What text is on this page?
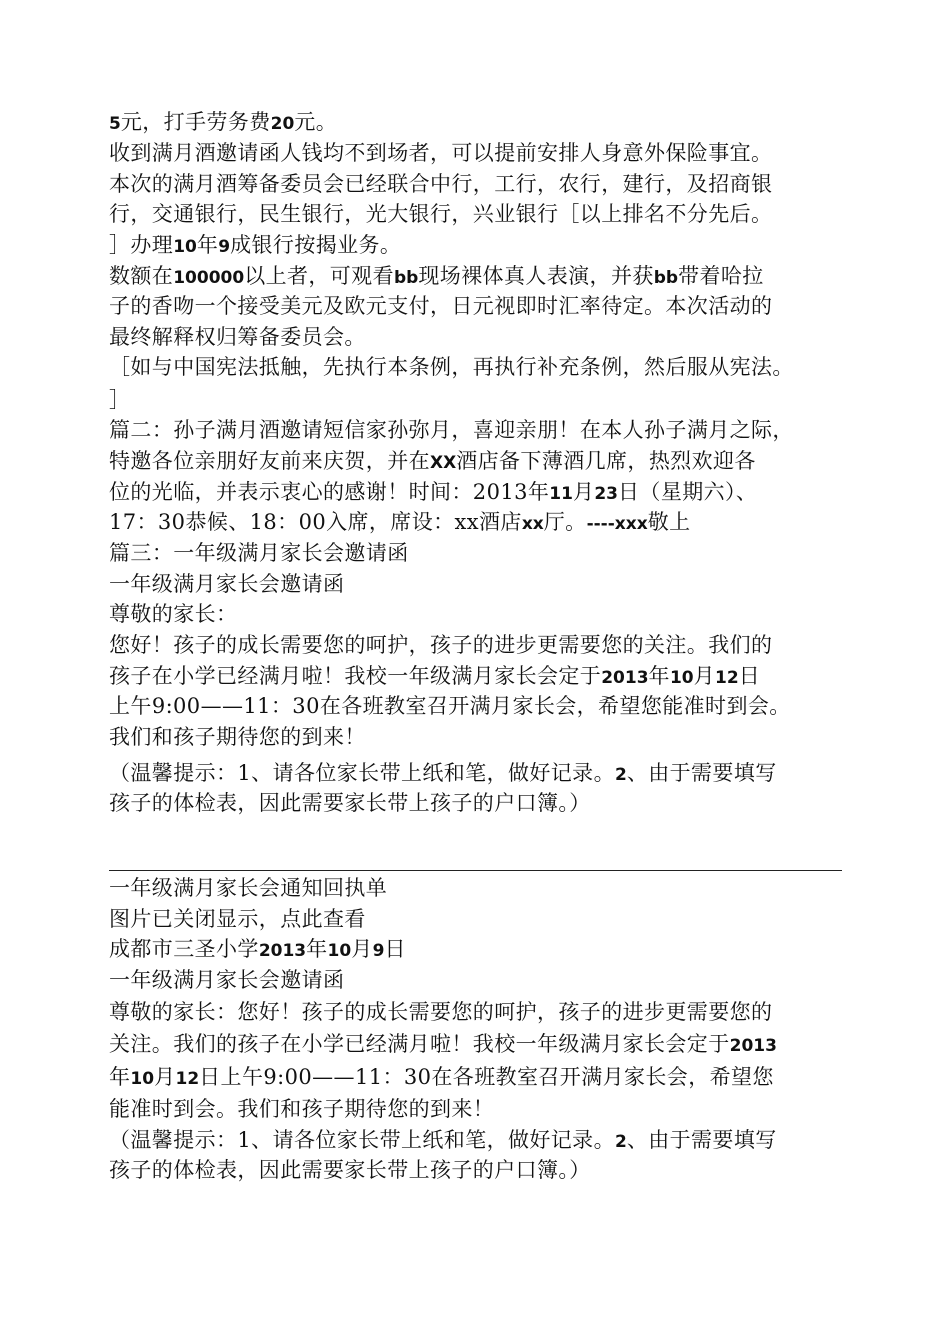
5元，打手劳务费20元。
收到满月酒邀请函人钱均不到场者，可以提前安排人身意外保险事宜。
本次的满月酒筹备委员会已经联合中行，工行，农行，建行，及招商银
行，交通银行，民生银行，光大银行，兴业银行［以上排名不分先后。
］办理10年9成银行按揭业务。
数额在100000以上者，可观看bb现场裸体真人表演，并获bb带着哈拉
子的香吻一个接受美元及欧元支付，日元视即时汇率待定。本次活动的
最终解释权归筹备委员会。
［如与中国宪法抵触，先执行本条例，再执行补充条例，然后服从宪法。
］
篇二：孙子满月酒邀请短信家孙弥月，喜迎亲朋！在本人孙子满月之际，
特邀各位亲朋好友前来庆贺，并在XX酒店备下薄酒几席，热烈欢迎各
位的光临，并表示衷心的感谢！时间：2013年11月23日（星期六）、
17：30恭候、18：00入席，席设：xx酒店xx厅。----xxx敬上
篇三：一年级满月家长会邀请函
一年级满月家长会邀请函
尊敬的家长：
您好！孩子的成长需要您的呵护，孩子的进步更需要您的关注。我们的
孩子在小学已经满月啦！我校一年级满月家长会定于2013年10月12日
上午9:00——11：30在各班教室召开满月家长会，希望您能准时到会。
我们和孩子期待您的到来！
（温馨提示：1、请各位家长带上纸和笔，做好记录。2、由于需要填写
孩子的体检表，因此需要家长带上孩子的户口簿。）
一年级满月家长会通知回执单
图片已关闭显示，点此查看
成都市三圣小学2013年10月9日
一年级满月家长会邀请函
尊敬的家长：您好！孩子的成长需要您的呵护，孩子的进步更需要您的
关注。我们的孩子在小学已经满月啦！我校一年级满月家长会定于2013
年10月12日上午9:00——11：30在各班教室召开满月家长会，希望您
能准时到会。我们和孩子期待您的到来！
（温馨提示：1、请各位家长带上纸和笔，做好记录。2、由于需要填写
孩子的体检表，因此需要家长带上孩子的户口簿。）
